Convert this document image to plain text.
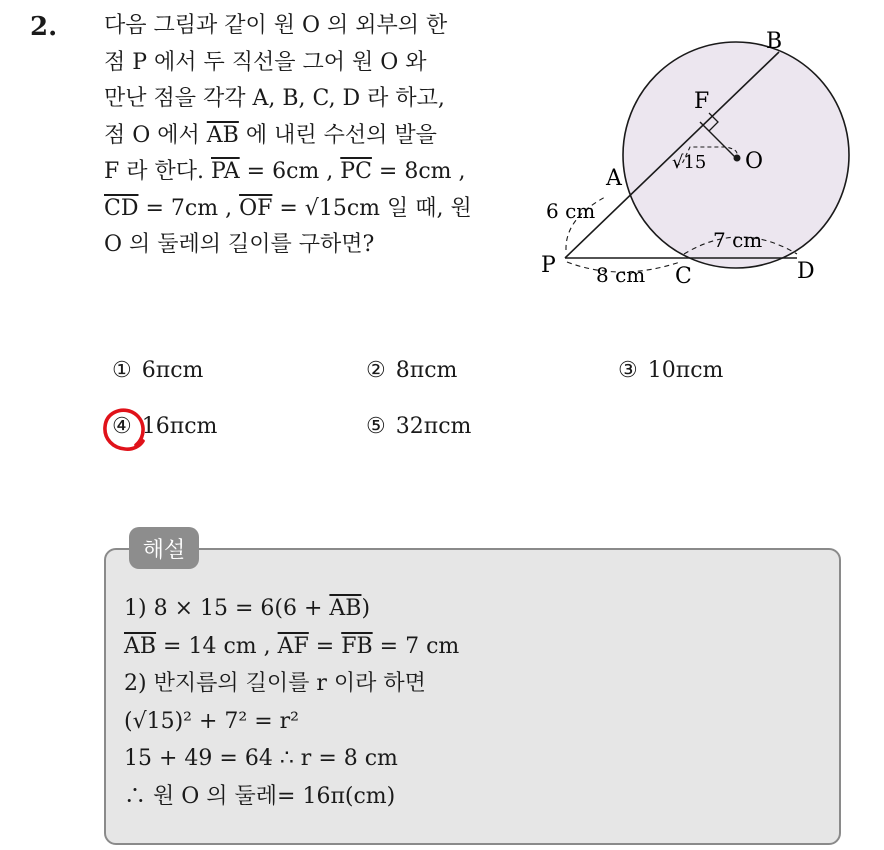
2. 다음 그림과 같이 원 O 의 외부의 한
점 P 에서 두 직선을 그어 원 O 와
만난 점을 각각 A, B, C, D 라 하고,
점 O 에서 $\overline{AB}$ 에 내린 수선의 발을
F 라 한다. $\overline{PA} = 6cm$ , $\overline{PC} = 8cm$ ,
$\overline{CD} = 7cm$ , $\overline{OF} = √15cm$ 일 때, 원
O 의 둘레의 길이를 구하면?
B
F
O
A
P	C	D
6 cm
8 cm
7 cm
√15
① 6πcm	② 8πcm	③ 10πcm
④ 16πcm	⑤ 32πcm
해설
1) $8 \times 15 = 6(6 + \overline{AB})$
$\overline{AB} = 14$ cm , $\overline{AF} = \overline{FB} = 7$ cm
2) 반지름의 길이를 r 이라 하면
(√15)² + 7² = r²
15 + 49 = 64 ∴ r = 8 cm
∴ 원 O 의 둘레= 16π(cm)
